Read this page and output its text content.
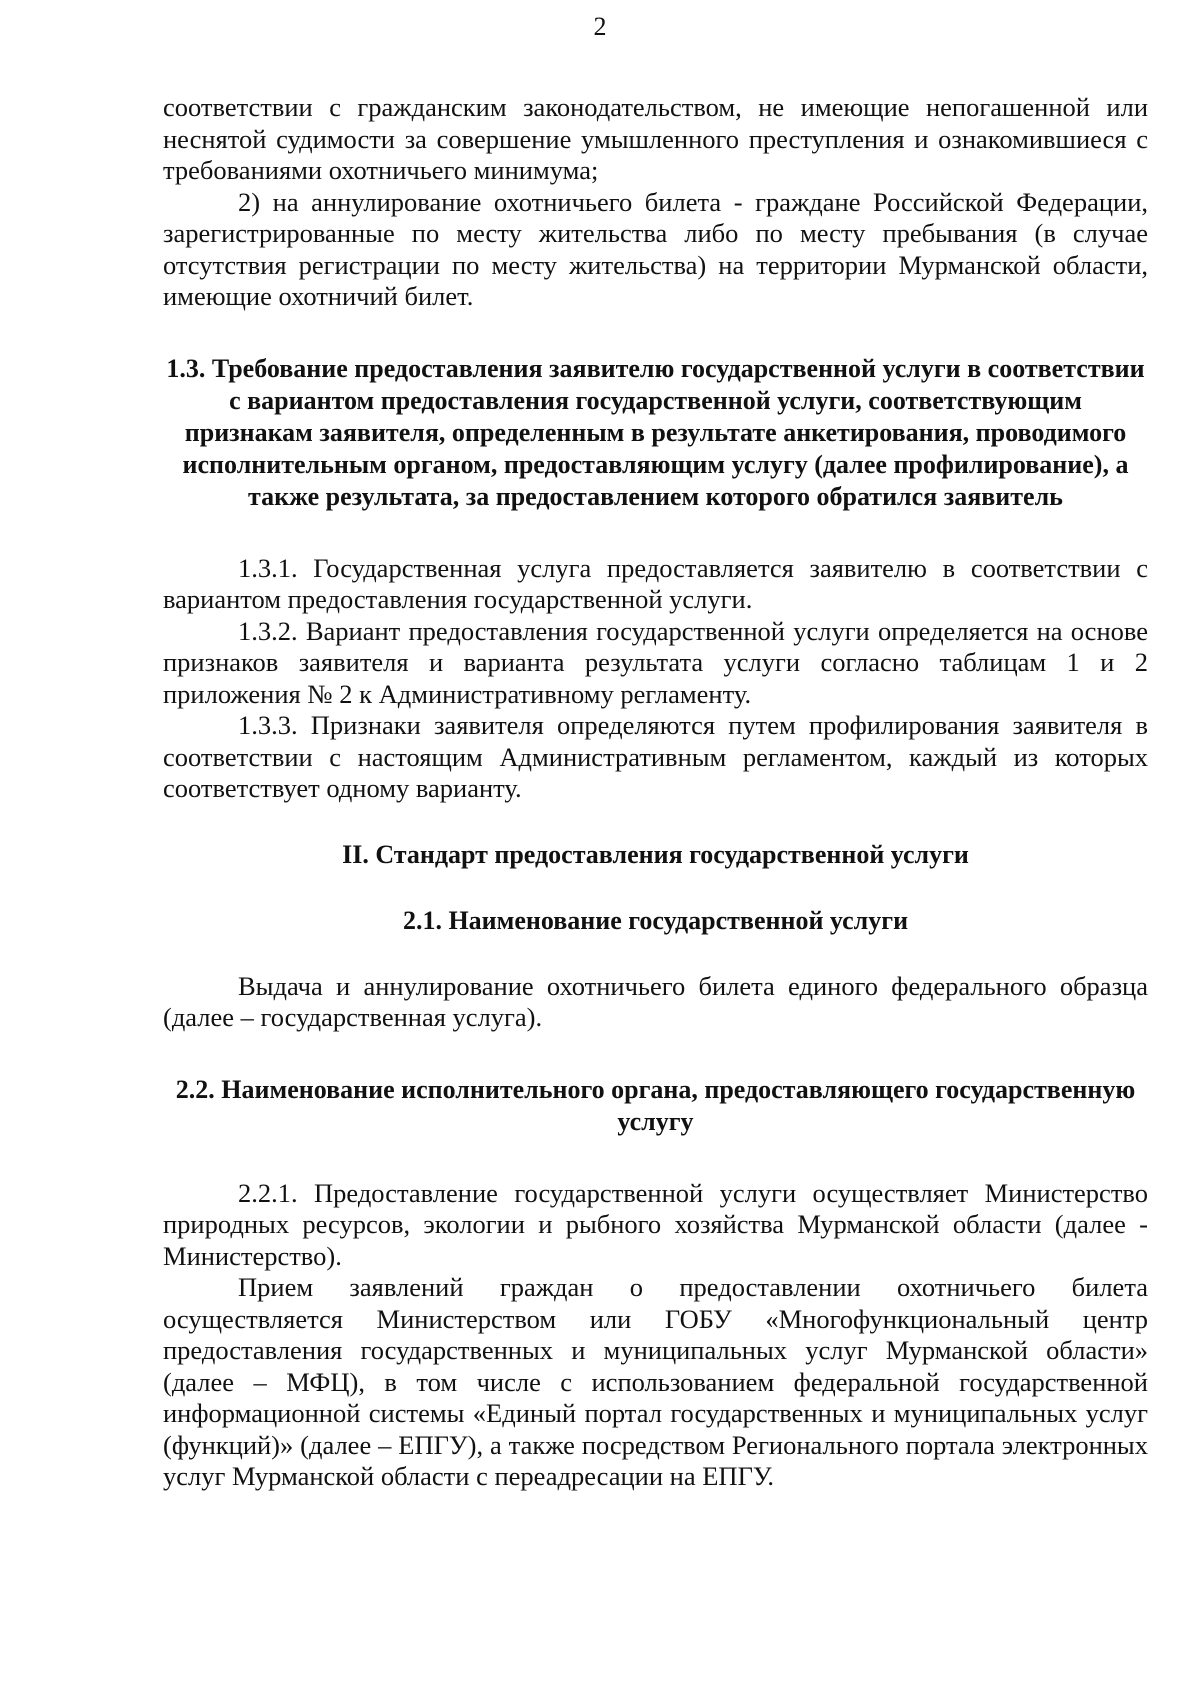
2

соответствии с гражданским законодательством, не имеющие непогашенной или неснятой судимости за совершение умышленного преступления и ознакомившиеся с требованиями охотничьего минимума;

2) на аннулирование охотничьего билета - граждане Российской Федерации, зарегистрированные по месту жительства либо по месту пребывания (в случае отсутствия регистрации по месту жительства) на территории Мурманской области, имеющие охотничий билет.

1.3. Требование предоставления заявителю государственной услуги в соответствии с вариантом предоставления государственной услуги, соответствующим признакам заявителя, определенным в результате анкетирования, проводимого исполнительным органом, предоставляющим услугу (далее профилирование), а также результата, за предоставлением которого обратился заявитель

1.3.1. Государственная услуга предоставляется заявителю в соответствии с вариантом предоставления государственной услуги.

1.3.2. Вариант предоставления государственной услуги определяется на основе признаков заявителя и варианта результата услуги согласно таблицам 1 и 2 приложения № 2 к Административному регламенту.

1.3.3. Признаки заявителя определяются путем профилирования заявителя в соответствии с настоящим Административным регламентом, каждый из которых соответствует одному варианту.

II. Стандарт предоставления государственной услуги
2.1. Наименование государственной услуги

Выдача и аннулирование охотничьего билета единого федерального образца (далее – государственная услуга).

2.2. Наименование исполнительного органа, предоставляющего государственную услугу

2.2.1. Предоставление государственной услуги осуществляет Министерство природных ресурсов, экологии и рыбного хозяйства Мурманской области (далее - Министерство).

Прием заявлений граждан о предоставлении охотничьего билета осуществляется Министерством или ГОБУ «Многофункциональный центр предоставления государственных и муниципальных услуг Мурманской области» (далее – МФЦ), в том числе с использованием федеральной государственной информационной системы «Единый портал государственных и муниципальных услуг (функций)» (далее – ЕПГУ), а также посредством Регионального портала электронных услуг Мурманской области с переадресации на ЕПГУ.
